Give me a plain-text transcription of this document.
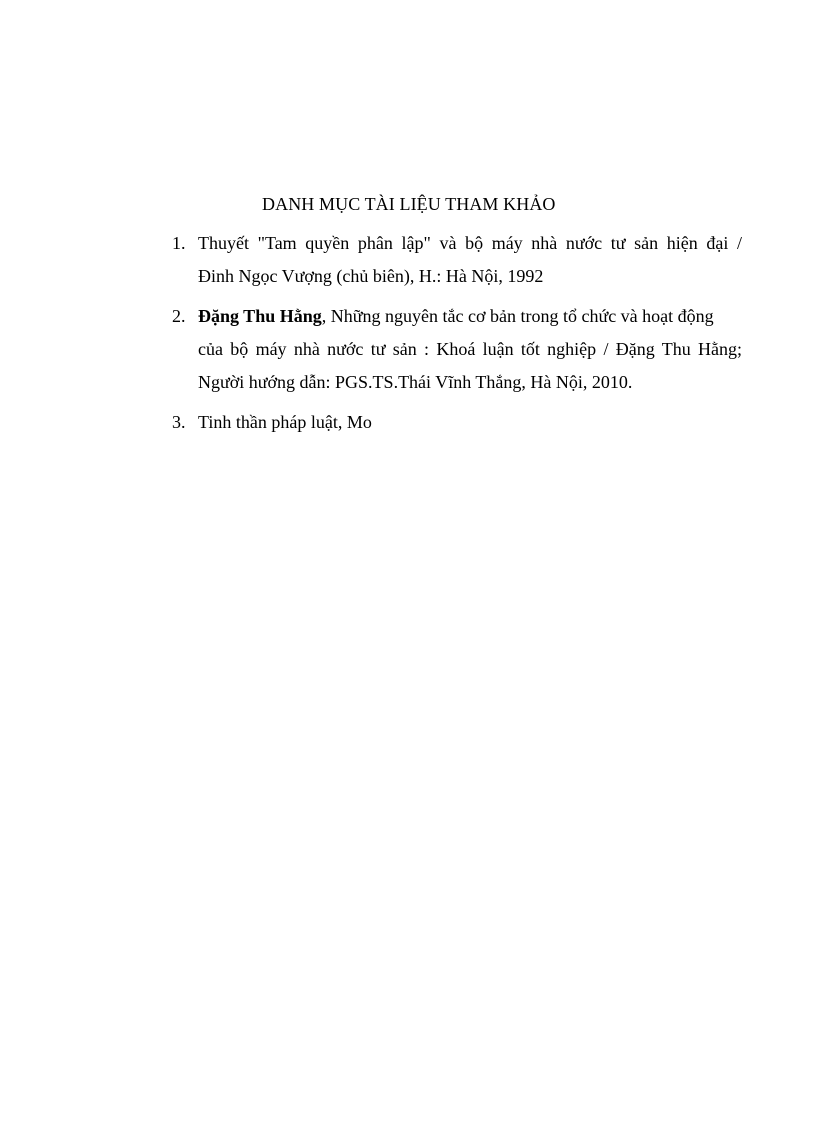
DANH MỤC TÀI LIỆU THAM KHẢO
1. Thuyết "Tam quyền phân lập" và bộ máy nhà nước tư sản hiện đại /
Đinh Ngọc Vượng (chủ biên), H.: Hà Nội, 1992
2. Đặng Thu Hằng, Những nguyên tắc cơ bản trong tổ chức và hoạt động
của bộ máy nhà nước tư sản : Khoá luận tốt nghiệp / Đặng Thu Hằng;
Người hướng dẫn: PGS.TS.Thái Vĩnh Thắng, Hà Nội, 2010.
3. Tinh thần pháp luật, Mo
